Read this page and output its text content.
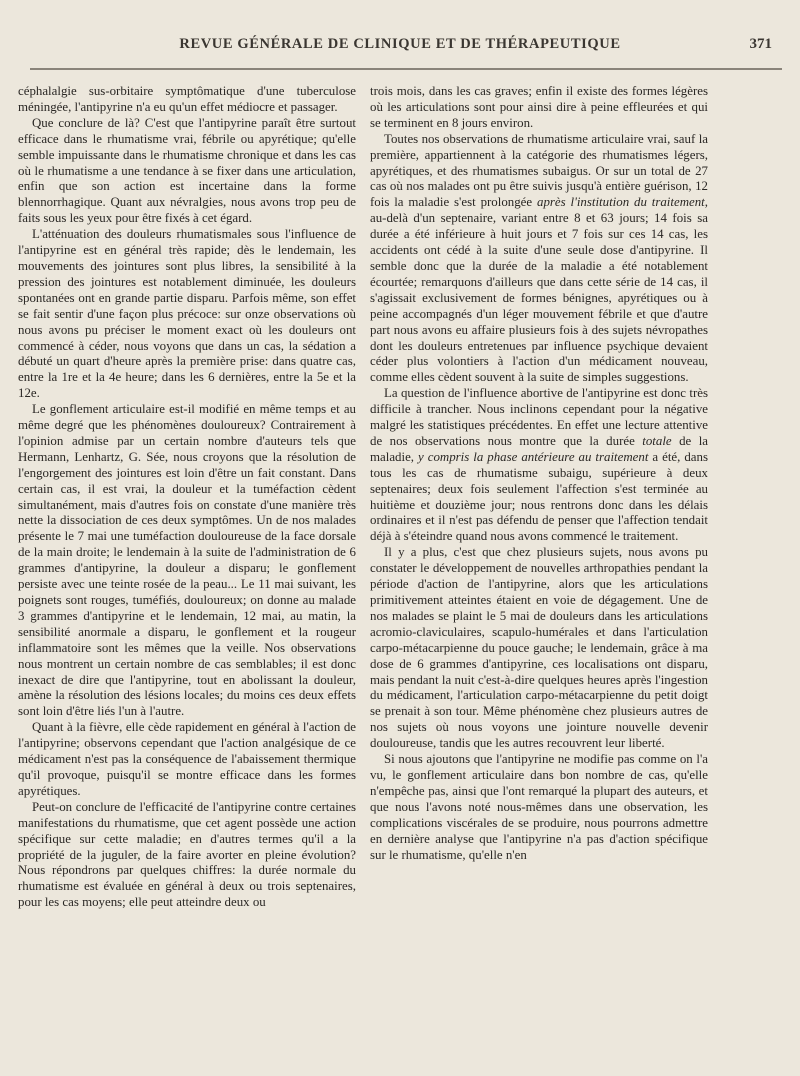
REVUE GÉNÉRALE DE CLINIQUE ET DE THÉRAPEUTIQUE	371

céphalalgie sus-orbitaire symptômatique d'une tuberculose méningée, l'antipyrine n'a eu qu'un effet médiocre et passager.

Que conclure de là? C'est que l'antipyrine paraît être surtout efficace dans le rhumatisme vrai, fébrile ou apyrétique; qu'elle semble impuissante dans le rhumatisme chronique et dans les cas où le rhumatisme a une tendance à se fixer dans une articulation, enfin que son action est incertaine dans la forme blennorrhagique. Quant aux névralgies, nous avons trop peu de faits sous les yeux pour être fixés à cet égard.

L'atténuation des douleurs rhumatismales sous l'influence de l'antipyrine est en général très rapide; dès le lendemain, les mouvements des jointures sont plus libres, la sensibilité à la pression des jointures est notablement diminuée, les douleurs spontanées ont en grande partie disparu. Parfois même, son effet se fait sentir d'une façon plus précoce: sur onze observations où nous avons pu préciser le moment exact où les douleurs ont commencé à céder, nous voyons que dans un cas, la sédation a débuté un quart d'heure après la première prise: dans quatre cas, entre la 1re et la 4e heure; dans les 6 dernières, entre la 5e et la 12e.

Le gonflement articulaire est-il modifié en même temps et au même degré que les phénomènes douloureux? Contrairement à l'opinion admise par un certain nombre d'auteurs tels que Hermann, Lenhartz, G. Sée, nous croyons que la résolution de l'engorgement des jointures est loin d'être un fait constant. Dans certain cas, il est vrai, la douleur et la tuméfaction cèdent simultanément, mais d'autres fois on constate d'une manière très nette la dissociation de ces deux symptômes. Un de nos malades présente le 7 mai une tuméfaction douloureuse de la face dorsale de la main droite; le lendemain à la suite de l'administration de 6 grammes d'antipyrine, la douleur a disparu; le gonflement persiste avec une teinte rosée de la peau... Le 11 mai suivant, les poignets sont rouges, tuméfiés, douloureux; on donne au malade 3 grammes d'antipyrine et le lendemain, 12 mai, au matin, la sensibilité anormale a disparu, le gonflement et la rougeur inflammatoire sont les mêmes que la veille. Nos observations nous montrent un certain nombre de cas semblables; il est donc inexact de dire que l'antipyrine, tout en abolissant la douleur, amène la résolution des lésions locales; du moins ces deux effets sont loin d'être liés l'un à l'autre.

Quant à la fièvre, elle cède rapidement en général à l'action de l'antipyrine; observons cependant que l'action analgésique de ce médicament n'est pas la conséquence de l'abaissement thermique qu'il provoque, puisqu'il se montre efficace dans les formes apyrétiques.

Peut-on conclure de l'efficacité de l'antipyrine contre certaines manifestations du rhumatisme, que cet agent possède une action spécifique sur cette maladie; en d'autres termes qu'il a la propriété de la juguler, de la faire avorter en pleine évolution? Nous répondrons par quelques chiffres: la durée normale du rhumatisme est évaluée en général à deux ou trois septenaires, pour les cas moyens; elle peut atteindre deux ou

trois mois, dans les cas graves; enfin il existe des formes légères où les articulations sont pour ainsi dire à peine effleurées et qui se terminent en 8 jours environ.

Toutes nos observations de rhumatisme articulaire vrai, sauf la première, appartiennent à la catégorie des rhumatismes légers, apyrétiques, et des rhumatismes subaigus. Or sur un total de 27 cas où nos malades ont pu être suivis jusqu'à entière guérison, 12 fois la maladie s'est prolongée après l'institution du traitement, au-delà d'un septenaire, variant entre 8 et 63 jours; 14 fois sa durée a été inférieure à huit jours et 7 fois sur ces 14 cas, les accidents ont cédé à la suite d'une seule dose d'antipyrine. Il semble donc que la durée de la maladie a été notablement écourtée; remarquons d'ailleurs que dans cette série de 14 cas, il s'agissait exclusivement de formes bénignes, apyrétiques ou à peine accompagnés d'un léger mouvement fébrile et que d'autre part nous avons eu affaire plusieurs fois à des sujets névropathes dont les douleurs entretenues par influence psychique devaient céder plus volontiers à l'action d'un médicament nouveau, comme elles cèdent souvent à la suite de simples suggestions.

La question de l'influence abortive de l'antipyrine est donc très difficile à trancher. Nous inclinons cependant pour la négative malgré les statistiques précédentes. En effet une lecture attentive de nos observations nous montre que la durée totale de la maladie, y compris la phase antérieure au traitement a été, dans tous les cas de rhumatisme subaigu, supérieure à deux septenaires; deux fois seulement l'affection s'est terminée au huitième et douzième jour; nous rentrons donc dans les délais ordinaires et il n'est pas défendu de penser que l'affection tendait déjà à s'éteindre quand nous avons commencé le traitement.

Il y a plus, c'est que chez plusieurs sujets, nous avons pu constater le développement de nouvelles arthropathies pendant la période d'action de l'antipyrine, alors que les articulations primitivement atteintes étaient en voie de dégagement. Une de nos malades se plaint le 5 mai de douleurs dans les articulations acromio-claviculaires, scapulo-humérales et dans l'articulation carpo-métacarpienne du pouce gauche; le lendemain, grâce à ma dose de 6 grammes d'antipyrine, ces localisations ont disparu, mais pendant la nuit c'est-à-dire quelques heures après l'ingestion du médicament, l'articulation carpo-métacarpienne du petit doigt se prenait à son tour. Même phénomène chez plusieurs autres de nos sujets où nous voyons une jointure nouvelle devenir douloureuse, tandis que les autres recouvrent leur liberté.

Si nous ajoutons que l'antipyrine ne modifie pas comme on l'a vu, le gonflement articulaire dans bon nombre de cas, qu'elle n'empêche pas, ainsi que l'ont remarqué la plupart des auteurs, et que nous l'avons noté nous-mêmes dans une observation, les complications viscérales de se produire, nous pourrons admettre en dernière analyse que l'antipyrine n'a pas d'action spécifique sur le rhumatisme, qu'elle n'en
